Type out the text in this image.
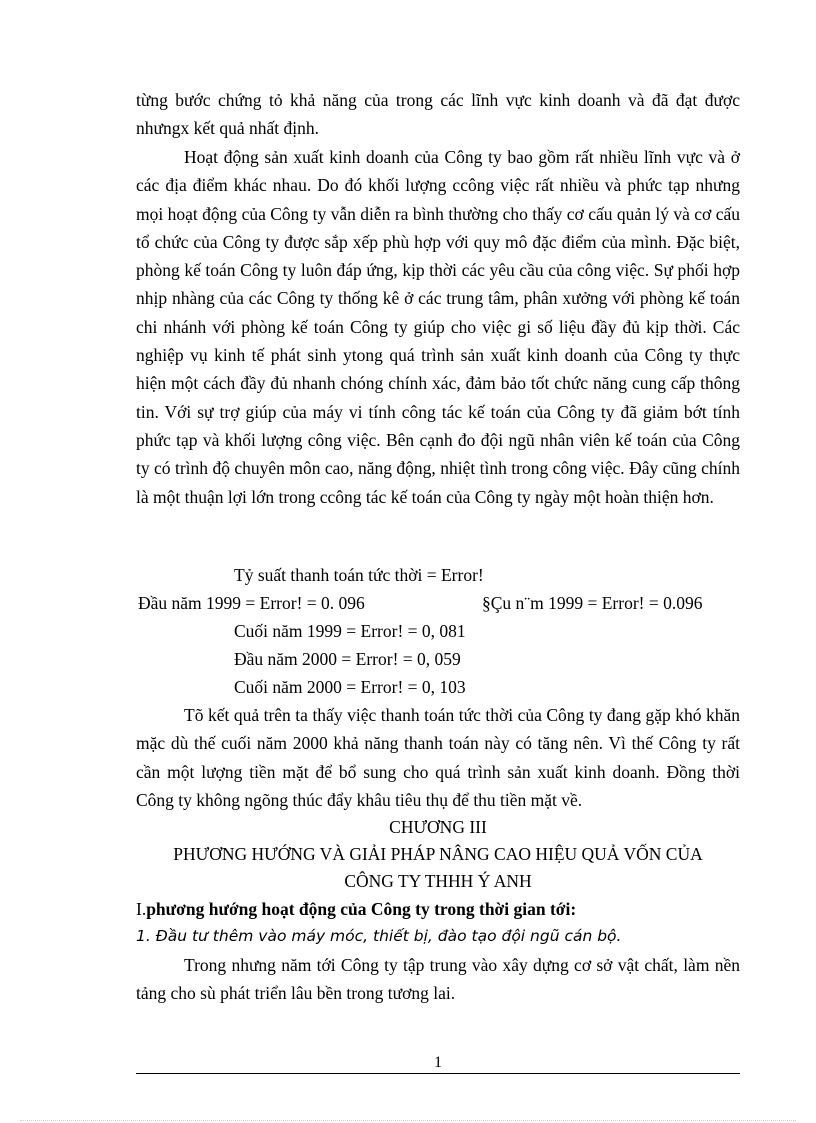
từng bước chứng tỏ khả năng của trong các lĩnh vực kinh doanh và đã đạt được nhưngx kết quả nhất định.

Hoạt động sản xuất kinh doanh của Công ty bao gồm rất nhiều lĩnh vực và ở các địa điểm khác nhau. Do đó khối lượng ccông việc rất nhiều và phức tạp nhưng mọi hoạt động của Công ty vẫn diễn ra bình thường cho thấy cơ cấu quản lý và cơ cấu tổ chức của Công ty được sắp xếp phù hợp với quy mô đặc điểm của mình. Đặc biệt, phòng kế toán Công ty luôn đáp ứng, kịp thời các yêu cầu của công việc. Sự phối hợp nhịp nhàng của các Công ty thống kê ở các trung tâm, phân xưởng với phòng kế toán chi nhánh với phòng kế toán Công ty giúp cho việc gi số liệu đầy đủ kịp thời. Các nghiệp vụ kinh tế phát sinh ytong quá trình sản xuất kinh doanh của Công ty thực hiện một cách đầy đủ nhanh chóng chính xác, đảm bảo tốt chức năng cung cấp thông tin. Với sự trợ giúp của máy vi tính công tác kế toán của Công ty đã giảm bớt tính phức tạp và khối lượng công việc. Bên cạnh đo đội ngũ nhân viên kế toán của Công ty có trình độ chuyên môn cao, năng động, nhiệt tình trong công việc. Đây cũng chính là một thuận lợi lớn trong ccông tác kế toán của Công ty ngày một hoàn thiện hơn.

Tỷ suất thanh toán tức thời = Error!

Đầu năm 1999 = Error! = 0. 096	§Çu n¨m 1999 = Error! = 0.096

Cuối năm 1999 = Error! = 0, 081

Đầu năm 2000 = Error! = 0, 059

Cuối năm 2000 = Error! = 0, 103

Tõ kết quả trên ta thấy việc thanh toán tức thời của Công ty đang gặp khó khăn mặc dù thế cuối năm 2000 khả năng thanh toán này có tăng nên. Vì thế Công ty rất cần một lượng tiền mặt để bổ sung cho quá trình sản xuất kinh doanh. Đồng thời Công ty không ngõng thúc đẩy khâu tiêu thụ để thu tiền mặt về.

CHƯƠNG III

PHƯƠNG HƯỚNG VÀ GIẢI PHÁP NÂNG CAO HIỆU QUẢ VỐN CỦA

CÔNG TY THHH Ý ANH

I.phương hướng hoạt động của Công ty trong thời gian tới:

1. Đầu tư thêm vào máy móc, thiết bị, đào tạo đội ngũ cán bộ.

Trong nhưng năm tới Công ty tập trung vào xây dựng cơ sở vật chất, làm nền tảng cho sù phát triển lâu bền trong tương lai.

1
